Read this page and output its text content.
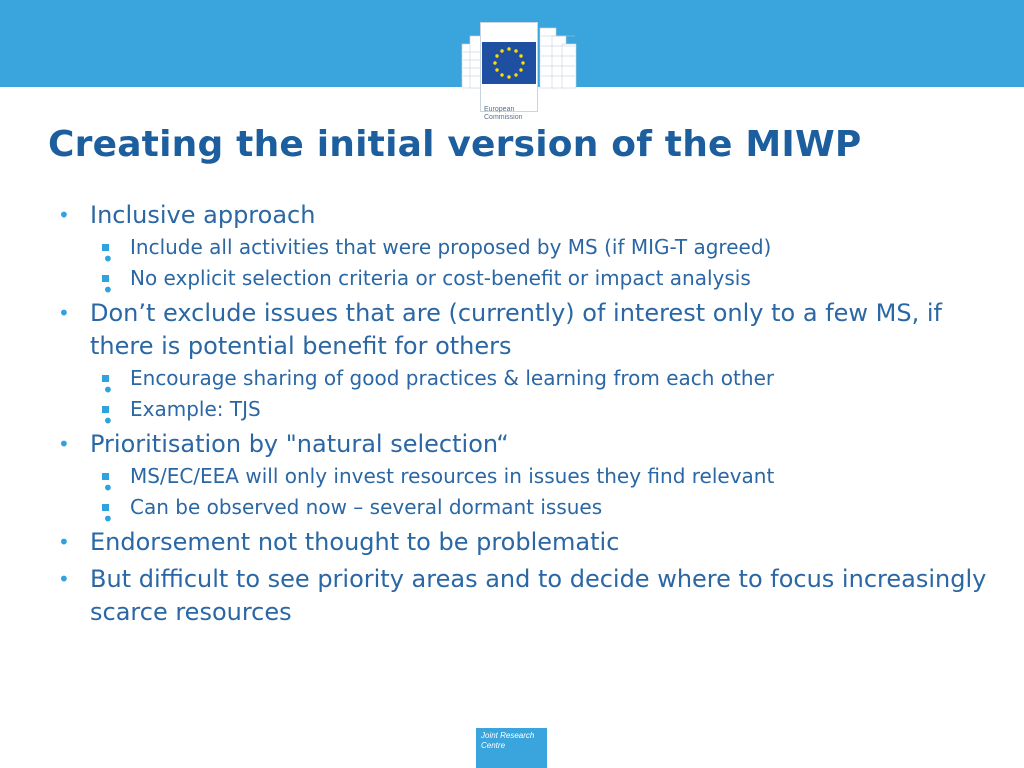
European Commission
Creating the initial version of the MIWP
•
Inclusive approach
•
Include all activities that were proposed by MS (if MIG-T agreed)
•
No explicit selection criteria or cost-benefit or impact analysis
•
Don’t exclude issues that are (currently) of interest only to a few MS, if there is potential benefit for others
•
Encourage sharing of good practices & learning from each other
•
Example: TJS
•
Prioritisation by "natural selection“
•
MS/EC/EEA will only invest resources in issues they find relevant
•
Can be observed now – several dormant issues
•
Endorsement not thought to be problematic
•
But difficult to see priority areas and to decide where to focus increasingly scarce resources
Joint Research Centre
